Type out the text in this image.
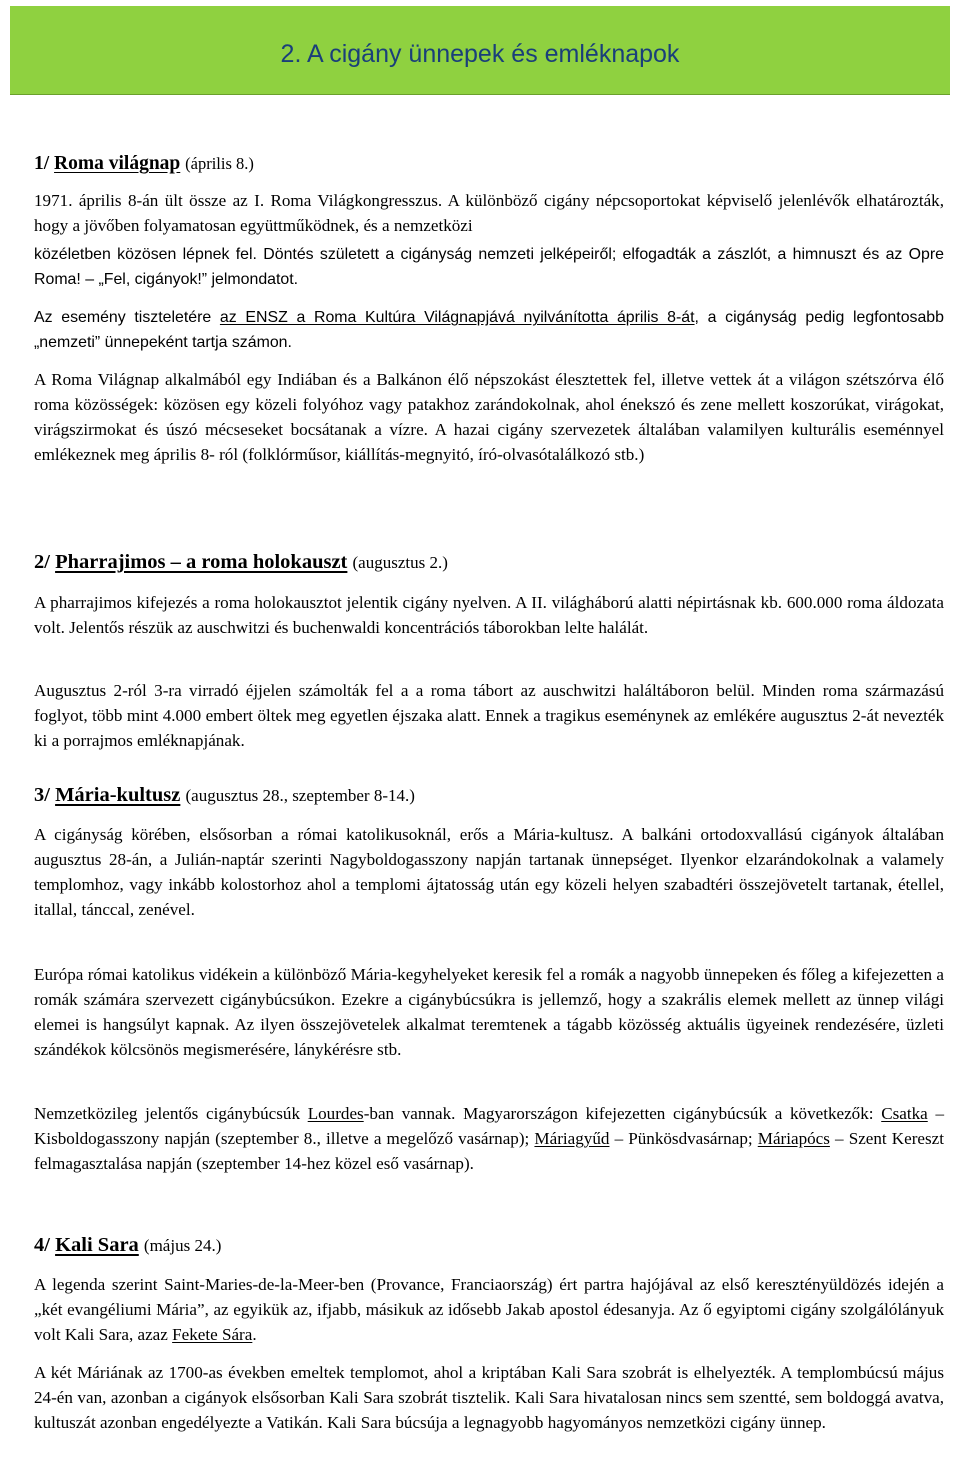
2. A cigány ünnepek és emléknapok
1/ Roma világnap (április 8.)

1971. április 8-án ült össze az I. Roma Világkongresszus. A különböző cigány népcsoportokat képviselő jelenlévők elhatározták, hogy a jövőben folyamatosan együttműködnek, és a nemzetközi

közéletben közösen lépnek fel. Döntés született a cigányság nemzeti jelképeiről; elfogadták a zászlót, a himnuszt és az Opre Roma! – „Fel, cigányok!” jelmondatot.

Az esemény tiszteletére az ENSZ a Roma Kultúra Világnapjává nyilvánította április 8-át, a cigányság pedig legfontosabb „nemzeti” ünnepeként tartja számon.

A Roma Világnap alkalmából egy Indiában és a Balkánon élő népszokást élesztettek fel, illetve vettek át a világon szétszórva élő roma közösségek: közösen egy közeli folyóhoz vagy patakhoz zarándokolnak, ahol énekszó és zene mellett koszorúkat, virágokat, virágszirmokat és úszó mécseseket bocsátanak a vízre. A hazai cigány szervezetek általában valamilyen kulturális eseménnyel emlékeznek meg április 8- ról (folklórműsor, kiállítás-megnyitó, író-olvasótalálkozó stb.)

2/ Pharrajimos – a roma holokauszt (augusztus 2.)

A pharrajimos kifejezés a roma holokausztot jelentik cigány nyelven. A II. világháború alatti népirtásnak kb. 600.000 roma áldozata volt. Jelentős részük az auschwitzi és buchenwaldi koncentrációs táborokban lelte halálát.

Augusztus 2-ról 3-ra virradó éjjelen számolták fel a a roma tábort az auschwitzi haláltáboron belül. Minden roma származású foglyot, több mint 4.000 embert öltek meg egyetlen éjszaka alatt. Ennek a tragikus eseménynek az emlékére augusztus 2-át nevezték ki a porrajmos emléknapjának.

3/ Mária-kultusz (augusztus 28., szeptember 8-14.)

A cigányság körében, elsősorban a római katolikusoknál, erős a Mária-kultusz. A balkáni ortodoxvallású cigányok általában augusztus 28-án, a Julián-naptár szerinti Nagyboldogasszony napján tartanak ünnepséget. Ilyenkor elzarándokolnak a valamely templomhoz, vagy inkább kolostorhoz ahol a templomi ájtatosság után egy közeli helyen szabadtéri összejövetelt tartanak, étellel, itallal, tánccal, zenével.

Európa római katolikus vidékein a különböző Mária-kegyhelyeket keresik fel a romák a nagyobb ünnepeken és főleg a kifejezetten a romák számára szervezett cigánybúcsúkon. Ezekre a cigánybúcsúkra is jellemző, hogy a szakrális elemek mellett az ünnep világi elemei is hangsúlyt kapnak. Az ilyen összejövetelek alkalmat teremtenek a tágabb közösség aktuális ügyeinek rendezésére, üzleti szándékok kölcsönös megismerésére, lánykérésre stb.

Nemzetközileg jelentős cigánybúcsúk Lourdes-ban vannak. Magyarországon kifejezetten cigánybúcsúk a következők: Csatka – Kisboldogasszony napján (szeptember 8., illetve a megelőző vasárnap); Máriagyűd – Pünkösdvasárnap; Máriapócs – Szent Kereszt felmagasztalása napján (szeptember 14-hez közel eső vasárnap).

4/ Kali Sara (május 24.)

A legenda szerint Saint-Maries-de-la-Meer-ben (Provance, Franciaország) ért partra hajójával az első keresztényüldözés idején a „két evangéliumi Mária”, az egyikük az, ifjabb, másikuk az idősebb Jakab apostol édesanyja. Az ő egyiptomi cigány szolgálólányuk volt Kali Sara, azaz Fekete Sára.

A két Máriának az 1700-as években emeltek templomot, ahol a kriptában Kali Sara szobrát is elhelyezték. A templombúcsú május 24-én van, azonban a cigányok elsősorban Kali Sara szobrát tisztelik. Kali Sara hivatalosan nincs sem szentté, sem boldoggá avatva, kultuszát azonban engedélyezte a Vatikán. Kali Sara búcsúja a legnagyobb hagyományos nemzetközi cigány ünnep.
